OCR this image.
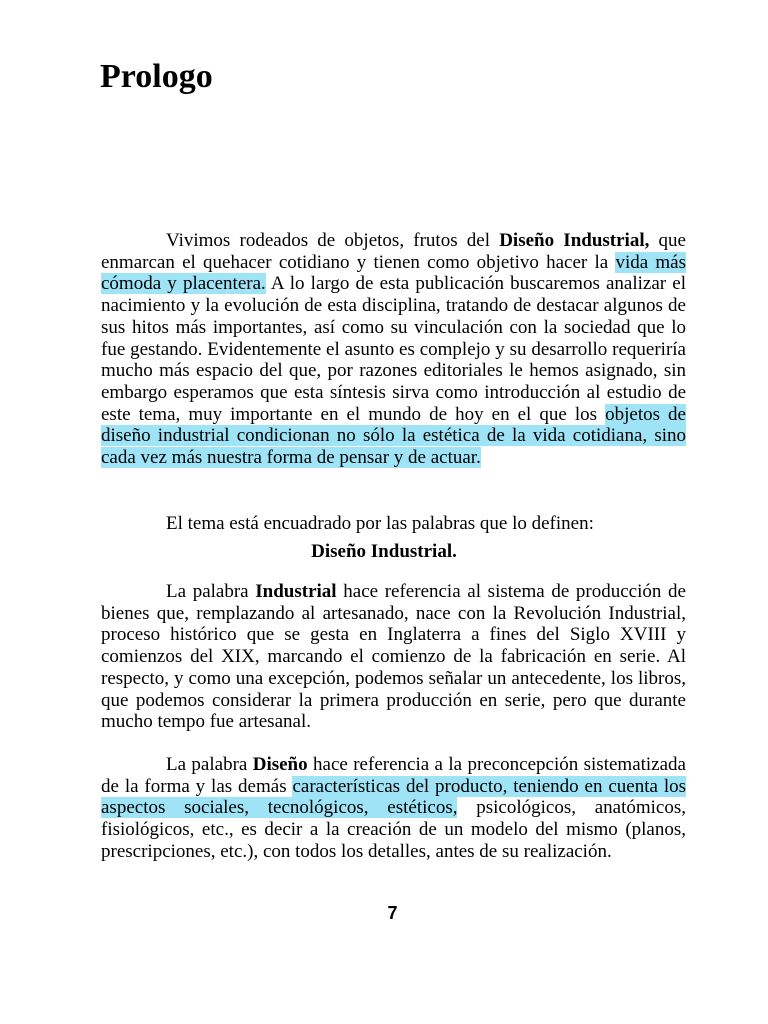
Prologo

Vivimos rodeados de objetos, frutos del Diseño Industrial, que enmarcan el quehacer cotidiano y tienen como objetivo hacer la vida más cómoda y placentera. A lo largo de esta publicación buscaremos analizar el nacimiento y la evolución de esta disciplina, tratando de destacar algunos de sus hitos más importantes, así como su vinculación con la sociedad que lo fue gestando. Evidentemente el asunto es complejo y su desarrollo requeriría mucho más espacio del que, por razones editoriales le hemos asignado, sin embargo esperamos que esta síntesis sirva como introducción al estudio de este tema, muy importante en el mundo de hoy en el que los objetos de diseño industrial condicionan no sólo la estética de la vida cotidiana, sino cada vez más nuestra forma de pensar y de actuar.

El tema está encuadrado por las palabras que lo definen:

Diseño Industrial.

La palabra Industrial hace referencia al sistema de producción de bienes que, remplazando al artesanado, nace con la Revolución Industrial, proceso histórico que se gesta en Inglaterra a fines del Siglo XVIII y comienzos del XIX, marcando el comienzo de la fabricación en serie. Al respecto, y como una excepción, podemos señalar un antecedente, los libros, que podemos considerar la primera producción en serie, pero que durante mucho tempo fue artesanal.

La palabra Diseño hace referencia a la preconcepción sistematizada de la forma y las demás características del producto, teniendo en cuenta los aspectos sociales, tecnológicos, estéticos, psicológicos, anatómicos, fisiológicos, etc., es decir a la creación de un modelo del mismo (planos, prescripciones, etc.), con todos los detalles, antes de su realización.

7
